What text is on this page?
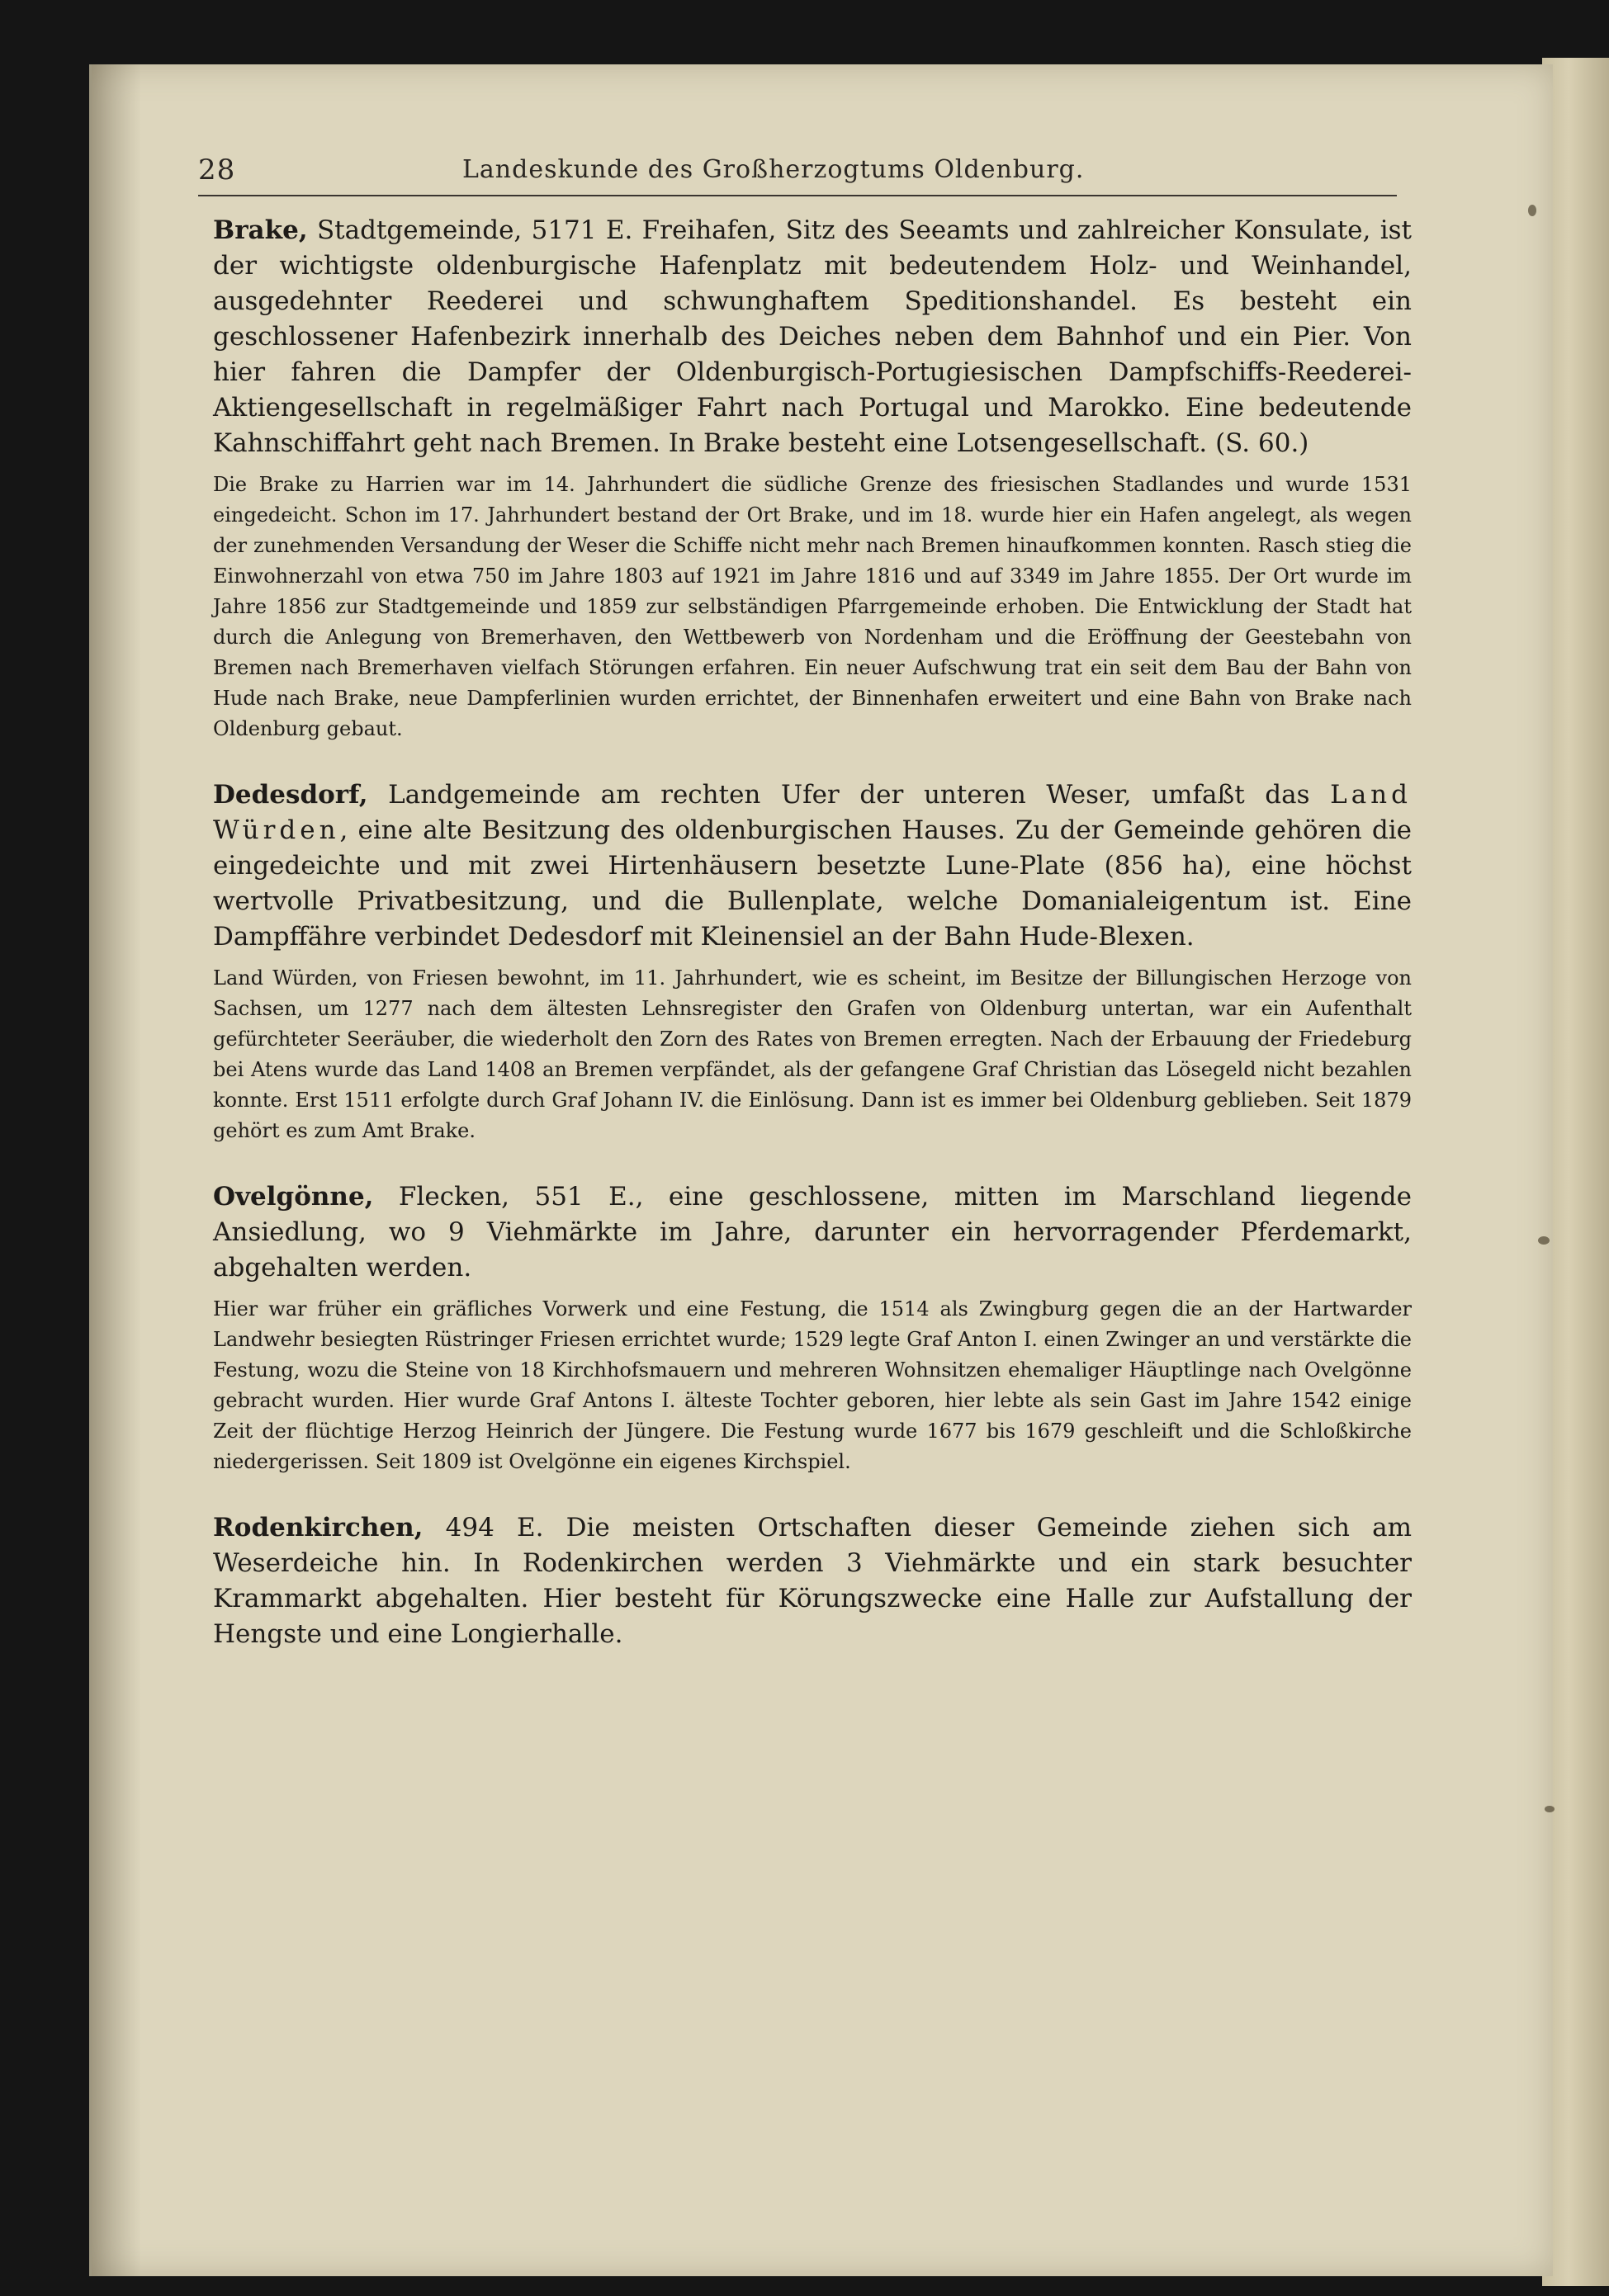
28	Landeskunde des Großherzogtums Oldenburg.

Brake, Stadtgemeinde, 5171 E. Freihafen, Sitz des Seeamts und zahlreicher Konsulate, ist der wichtigste oldenburgische Hafenplatz mit bedeutendem Holz- und Weinhandel, ausgedehnter Reederei und schwunghaftem Speditionshandel. Es besteht ein geschlossener Hafenbezirk innerhalb des Deiches neben dem Bahnhof und ein Pier. Von hier fahren die Dampfer der Oldenburgisch-Portugiesischen Dampfschiffs-Reederei-Aktiengesellschaft in regelmäßiger Fahrt nach Portugal und Marokko. Eine bedeutende Kahnschiffahrt geht nach Bremen. In Brake besteht eine Lotsengesellschaft. (S. 60.)

Die Brake zu Harrien war im 14. Jahrhundert die südliche Grenze des friesischen Stadlandes und wurde 1531 eingedeicht. Schon im 17. Jahrhundert bestand der Ort Brake, und im 18. wurde hier ein Hafen angelegt, als wegen der zunehmenden Versandung der Weser die Schiffe nicht mehr nach Bremen hinaufkommen konnten. Rasch stieg die Einwohnerzahl von etwa 750 im Jahre 1803 auf 1921 im Jahre 1816 und auf 3349 im Jahre 1855. Der Ort wurde im Jahre 1856 zur Stadtgemeinde und 1859 zur selbständigen Pfarrgemeinde erhoben. Die Entwicklung der Stadt hat durch die Anlegung von Bremerhaven, den Wettbewerb von Nordenham und die Eröffnung der Geestebahn von Bremen nach Bremerhaven vielfach Störungen erfahren. Ein neuer Aufschwung trat ein seit dem Bau der Bahn von Hude nach Brake, neue Dampferlinien wurden errichtet, der Binnenhafen erweitert und eine Bahn von Brake nach Oldenburg gebaut.

Dedesdorf, Landgemeinde am rechten Ufer der unteren Weser, umfaßt das Land Würden, eine alte Besitzung des oldenburgischen Hauses. Zu der Gemeinde gehören die eingedeichte und mit zwei Hirtenhäusern besetzte Lune-Plate (856 ha), eine höchst wertvolle Privatbesitzung, und die Bullenplate, welche Domanialeigentum ist. Eine Dampffähre verbindet Dedesdorf mit Kleinensiel an der Bahn Hude-Blexen.

Land Würden, von Friesen bewohnt, im 11. Jahrhundert, wie es scheint, im Besitze der Billungischen Herzoge von Sachsen, um 1277 nach dem ältesten Lehnsregister den Grafen von Oldenburg untertan, war ein Aufenthalt gefürchteter Seeräuber, die wiederholt den Zorn des Rates von Bremen erregten. Nach der Erbauung der Friedeburg bei Atens wurde das Land 1408 an Bremen verpfändet, als der gefangene Graf Christian das Lösegeld nicht bezahlen konnte. Erst 1511 erfolgte durch Graf Johann IV. die Einlösung. Dann ist es immer bei Oldenburg geblieben. Seit 1879 gehört es zum Amt Brake.

Ovelgönne, Flecken, 551 E., eine geschlossene, mitten im Marschland liegende Ansiedlung, wo 9 Viehmärkte im Jahre, darunter ein hervorragender Pferdemarkt, abgehalten werden.

Hier war früher ein gräfliches Vorwerk und eine Festung, die 1514 als Zwingburg gegen die an der Hartwarder Landwehr besiegten Rüstringer Friesen errichtet wurde; 1529 legte Graf Anton I. einen Zwinger an und verstärkte die Festung, wozu die Steine von 18 Kirchhofsmauern und mehreren Wohnsitzen ehemaliger Häuptlinge nach Ovelgönne gebracht wurden. Hier wurde Graf Antons I. älteste Tochter geboren, hier lebte als sein Gast im Jahre 1542 einige Zeit der flüchtige Herzog Heinrich der Jüngere. Die Festung wurde 1677 bis 1679 geschleift und die Schloßkirche niedergerissen. Seit 1809 ist Ovelgönne ein eigenes Kirchspiel.

Rodenkirchen, 494 E. Die meisten Ortschaften dieser Gemeinde ziehen sich am Weserdeiche hin. In Rodenkirchen werden 3 Viehmärkte und ein stark besuchter Krammarkt abgehalten. Hier besteht für Körungszwecke eine Halle zur Aufstallung der Hengste und eine Longierhalle.
